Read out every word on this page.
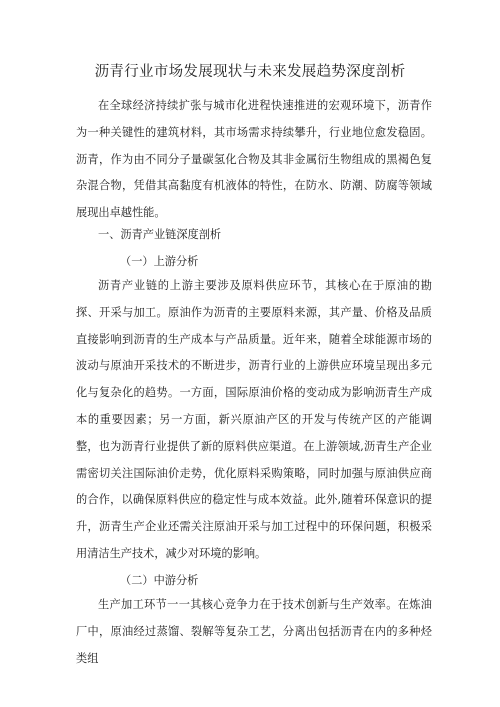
沥青行业市场发展现状与未来发展趋势深度剖析
在全球经济持续扩张与城市化进程快速推进的宏观环境下，沥青作为一种关键性的建筑材料，其市场需求持续攀升，行业地位愈发稳固。沥青，作为由不同分子量碳氢化合物及其非金属衍生物组成的黑褐色复杂混合物，凭借其高黏度有机液体的特性，在防水、防潮、防腐等领域展现出卓越性能。
一、沥青产业链深度剖析
（一）上游分析
沥青产业链的上游主要涉及原料供应环节，其核心在于原油的勘探、开采与加工。原油作为沥青的主要原料来源，其产量、价格及品质直接影响到沥青的生产成本与产品质量。近年来，随着全球能源市场的波动与原油开采技术的不断进步，沥青行业的上游供应环境呈现出多元化与复杂化的趋势。一方面，国际原油价格的变动成为影响沥青生产成本的重要因素；另一方面，新兴原油产区的开发与传统产区的产能调整，也为沥青行业提供了新的原料供应渠道。在上游领域,沥青生产企业需密切关注国际油价走势，优化原料采购策略，同时加强与原油供应商的合作，以确保原料供应的稳定性与成本效益。此外,随着环保意识的提升，沥青生产企业还需关注原油开采与加工过程中的环保问题，积极采用清洁生产技术，减少对环境的影响。
（二）中游分析
生产加工环节一一其核心竞争力在于技术创新与生产效率。在炼油厂中，原油经过蒸馏、裂解等复杂工艺，分离出包括沥青在内的多种烃类组
